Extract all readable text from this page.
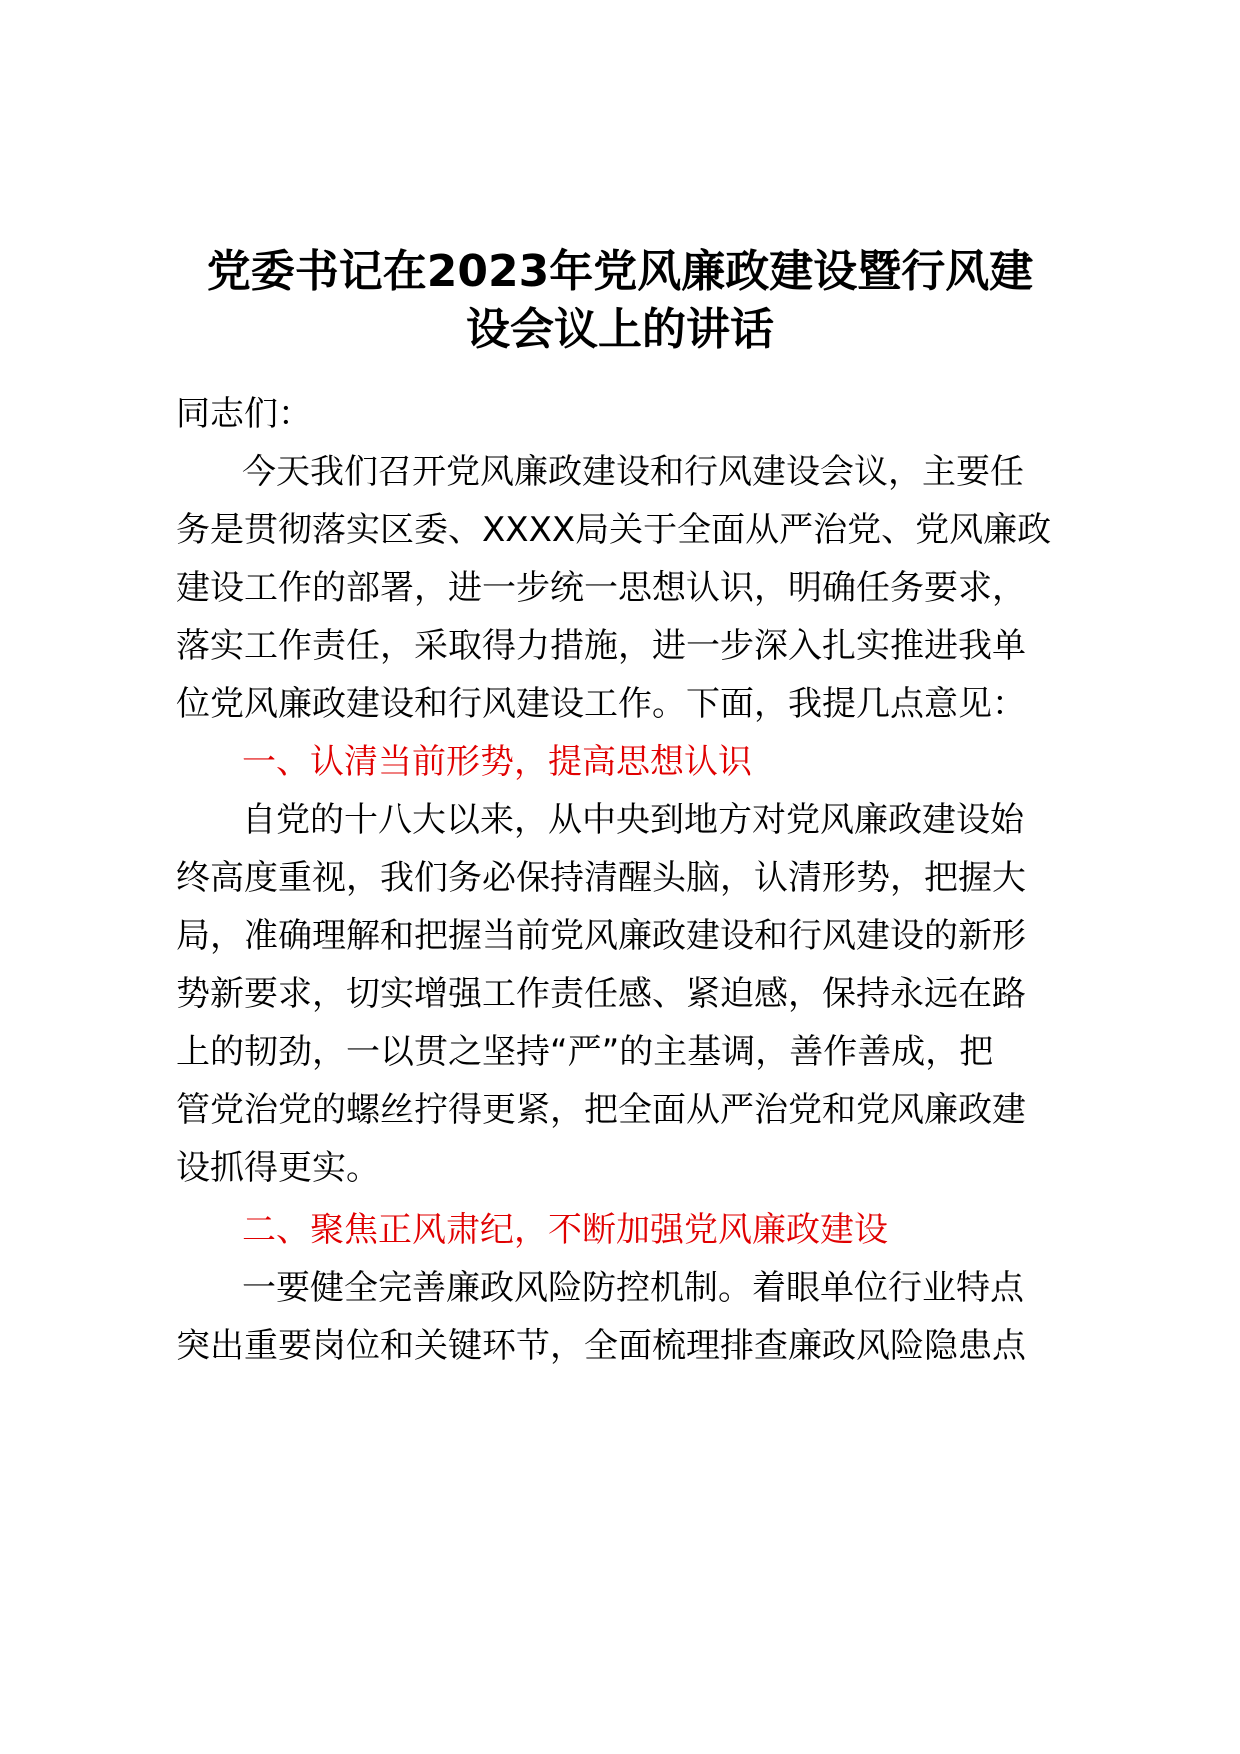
党委书记在2023年党风廉政建设暨行风建
设会议上的讲话
同志们：
今天我们召开党风廉政建设和行风建设会议，主要任
务是贯彻落实区委、XXXX局关于全面从严治党、党风廉政
建设工作的部署，进一步统一思想认识，明确任务要求，
落实工作责任，采取得力措施，进一步深入扎实推进我单
位党风廉政建设和行风建设工作。下面，我提几点意见：
一、认清当前形势，提高思想认识
自党的十八大以来，从中央到地方对党风廉政建设始
终高度重视，我们务必保持清醒头脑，认清形势，把握大
局，准确理解和把握当前党风廉政建设和行风建设的新形
势新要求，切实增强工作责任感、紧迫感，保持永远在路
上的韧劲，一以贯之坚持“严”的主基调，善作善成，把
管党治党的螺丝拧得更紧，把全面从严治党和党风廉政建
设抓得更实。
二、聚焦正风肃纪，不断加强党风廉政建设
一要健全完善廉政风险防控机制。着眼单位行业特点
突出重要岗位和关键环节，全面梳理排查廉政风险隐患点
